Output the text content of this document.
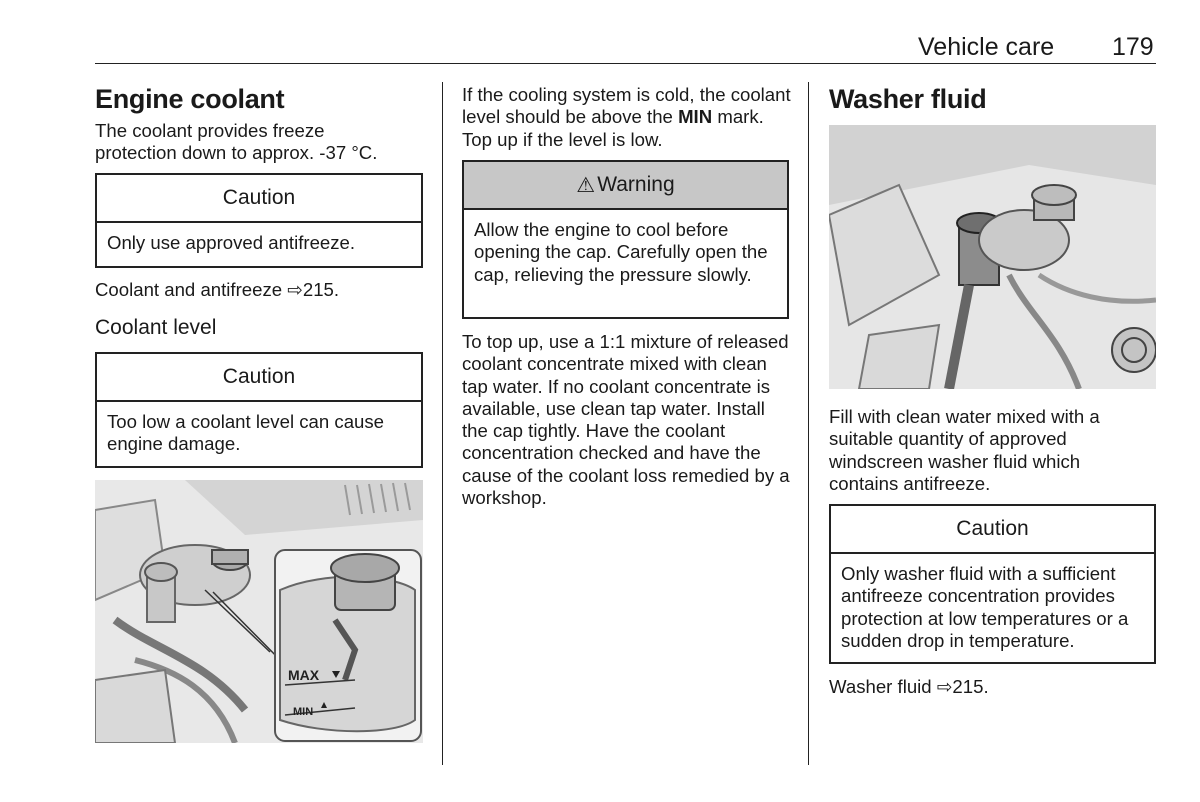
Vehicle care 179
Engine coolant

The coolant provides freeze protection down to approx. -37 °C.

Caution
Only use approved antifreeze.

Coolant and antifreeze ⇨215.

Coolant level
Caution
Too low a coolant level can cause engine damage.
MAX
MIN

If the cooling system is cold, the coolant level should be above the MIN mark. Top up if the level is low.

⚠ Warning
Allow the engine to cool before opening the cap. Carefully open the cap, relieving the pressure slowly.

To top up, use a 1:1 mixture of released coolant concentrate mixed with clean tap water. If no coolant concentrate is available, use clean tap water. Install the cap tightly. Have the coolant concentration checked and have the cause of the coolant loss remedied by a workshop.

Washer fluid

Fill with clean water mixed with a suitable quantity of approved windscreen washer fluid which contains antifreeze.

Caution
Only washer fluid with a sufficient antifreeze concentration provides protection at low temperatures or a sudden drop in temperature.

Washer fluid ⇨215.
